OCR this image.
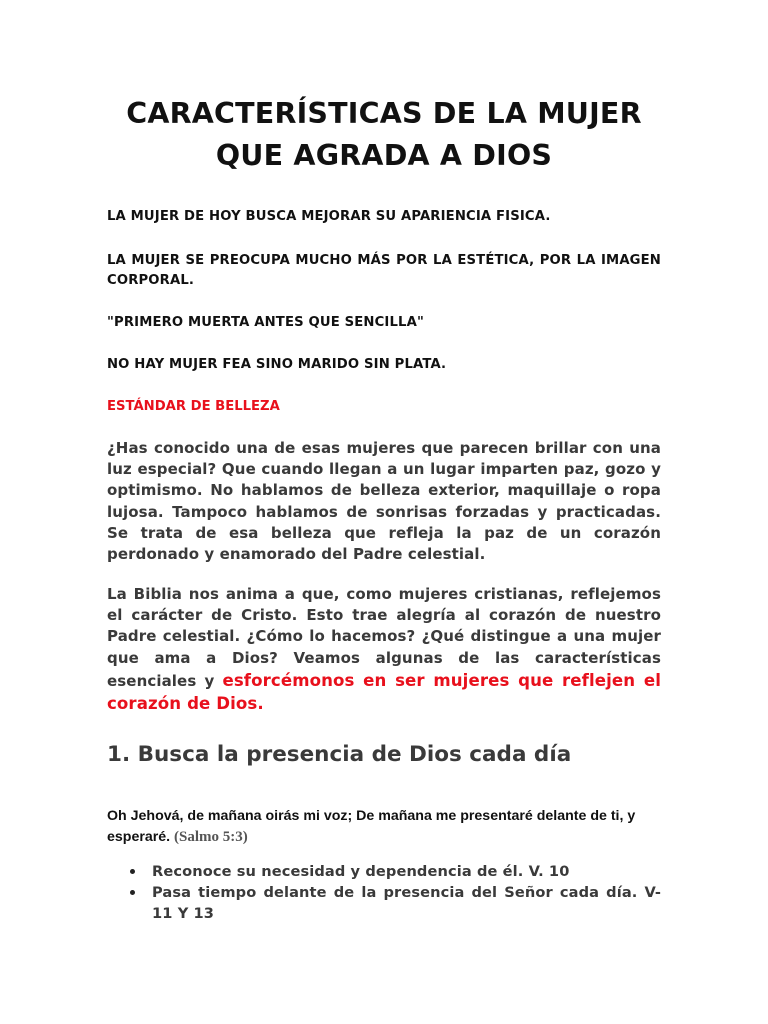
CARACTERÍSTICAS DE LA MUJER
QUE AGRADA A DIOS

LA MUJER DE HOY BUSCA MEJORAR SU APARIENCIA FISICA.

LA MUJER SE PREOCUPA MUCHO MÁS POR LA ESTÉTICA, POR LA IMAGEN CORPORAL.

"PRIMERO MUERTA ANTES QUE SENCILLA"

NO HAY MUJER FEA SINO MARIDO SIN PLATA.

ESTÁNDAR DE BELLEZA

¿Has conocido una de esas mujeres que parecen brillar con una luz especial? Que cuando llegan a un lugar imparten paz, gozo y optimismo. No hablamos de belleza exterior, maquillaje o ropa lujosa. Tampoco hablamos de sonrisas forzadas y practicadas. Se trata de esa belleza que refleja la paz de un corazón perdonado y enamorado del Padre celestial.

La Biblia nos anima a que, como mujeres cristianas, reflejemos el carácter de Cristo. Esto trae alegría al corazón de nuestro Padre celestial. ¿Cómo lo hacemos? ¿Qué distingue a una mujer que ama a Dios? Veamos algunas de las características esenciales y esforcémonos en ser mujeres que reflejen el corazón de Dios.

1. Busca la presencia de Dios cada día

Oh Jehová, de mañana oirás mi voz; De mañana me presentaré delante de ti, y esperaré. (Salmo 5:3)

Reconoce su necesidad y dependencia de él. V. 10
Pasa tiempo delante de la presencia del Señor cada día. V- 11 Y 13
